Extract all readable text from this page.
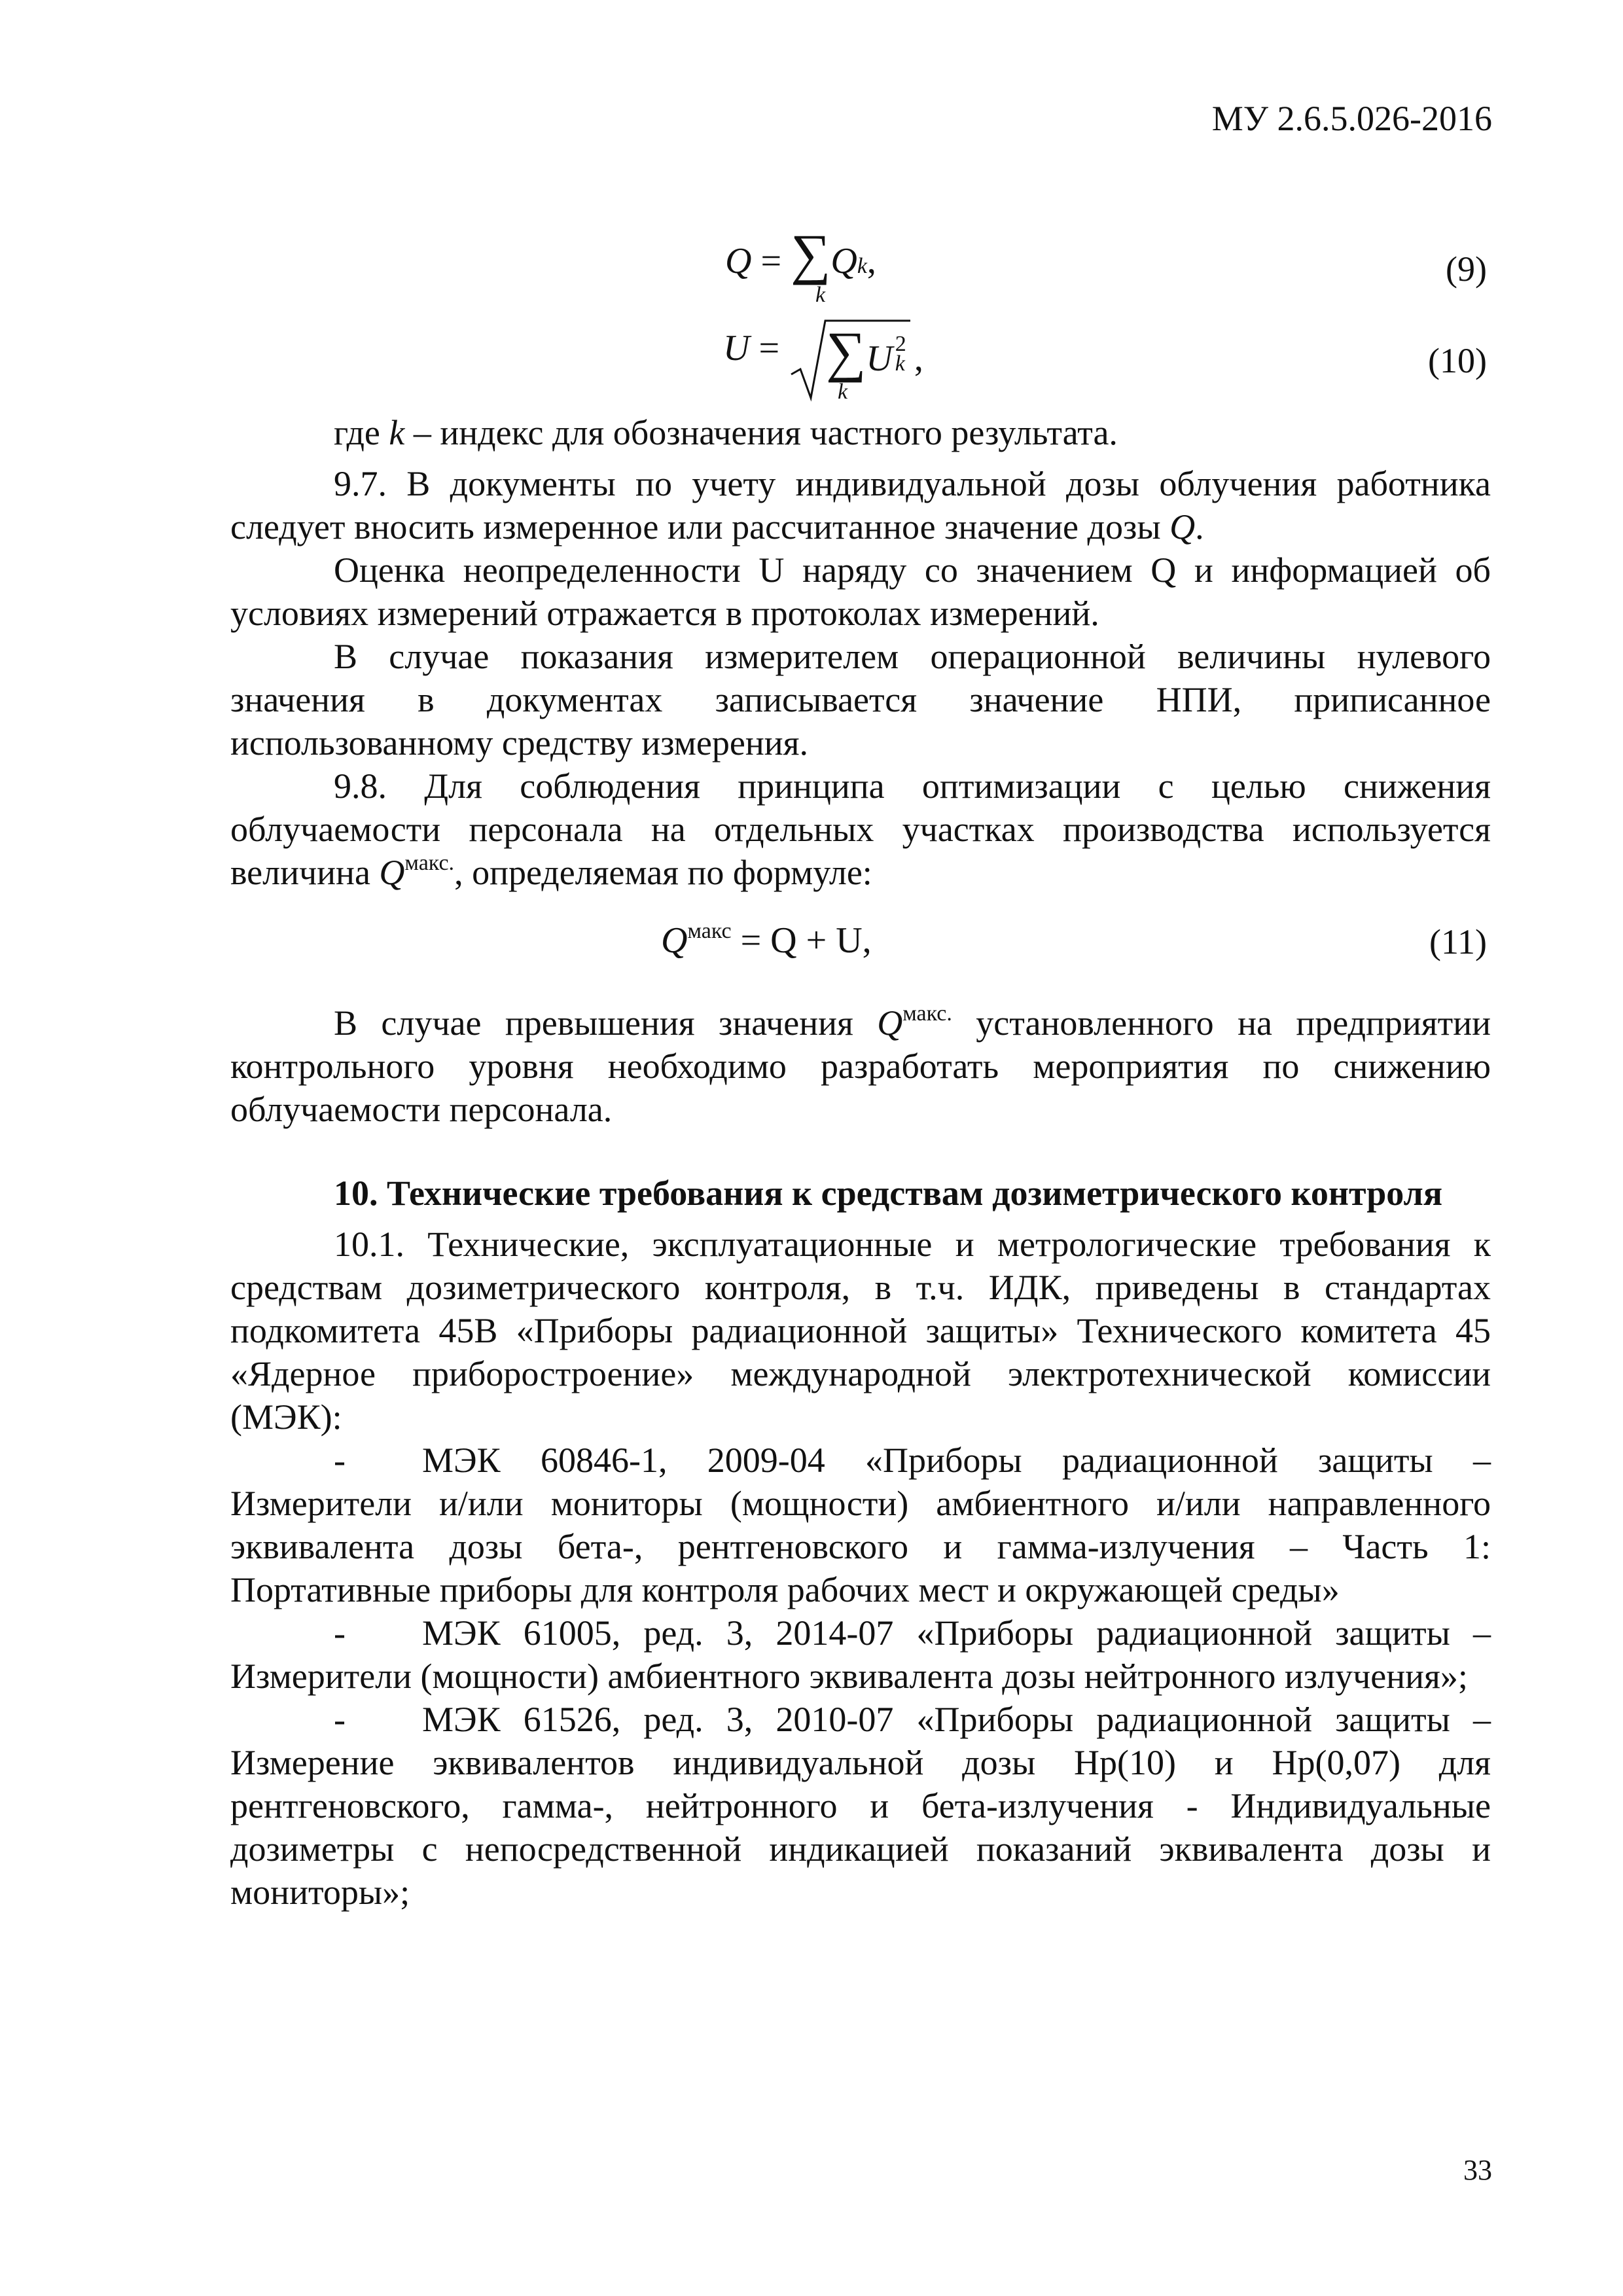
МУ 2.6.5.026-2016
Q = ∑Qk,
k
(9)
U = ∑U 2
k ,
k
(10)

где k – индекс для обозначения частного результата.

9.7. В документы по учету индивидуальной дозы облучения работника следует вносить измеренное или рассчитанное значение дозы Q.

Оценка неопределенности U наряду со значением Q и информацией об условиях измерений отражается в протоколах измерений.

В случае показания измерителем операционной величины нулевого значения в документах записывается значение НПИ, приписанное использованному средству измерения.

9.8. Для соблюдения принципа оптимизации с целью снижения облучаемости персонала на отдельных участках производства используется величина $Q^{макс.}$, определяемая по формуле:

$Q^{макс} = Q + U$,	(11)

В случае превышения значения $Q^{макс.}$ установленного на предприятии контрольного уровня необходимо разработать мероприятия по снижению облучаемости персонала.

10. Технические требования к средствам дозиметрического контроля

10.1. Технические, эксплуатационные и метрологические требования к средствам дозиметрического контроля, в т.ч. ИДК, приведены в стандартах подкомитета 45В «Приборы радиационной защиты» Технического комитета 45 «Ядерное приборостроение» международной электротехнической комиссии (МЭК):

- МЭК 60846-1, 2009-04 «Приборы радиационной защиты – Измерители и/или мониторы (мощности) амбиентного и/или направленного эквивалента дозы бета-, рентгеновского и гамма-излучения – Часть 1: Портативные приборы для контроля рабочих мест и окружающей среды»

- МЭК 61005, ред. 3, 2014-07 «Приборы радиационной защиты – Измерители (мощности) амбиентного эквивалента дозы нейтронного излучения»;

- МЭК 61526, ред. 3, 2010-07 «Приборы радиационной защиты – Измерение эквивалентов индивидуальной дозы Hp(10) и Hp(0,07) для рентгеновского, гамма-, нейтронного и бета-излучения - Индивидуальные дозиметры с непосредственной индикацией показаний эквивалента дозы и мониторы»;

33
